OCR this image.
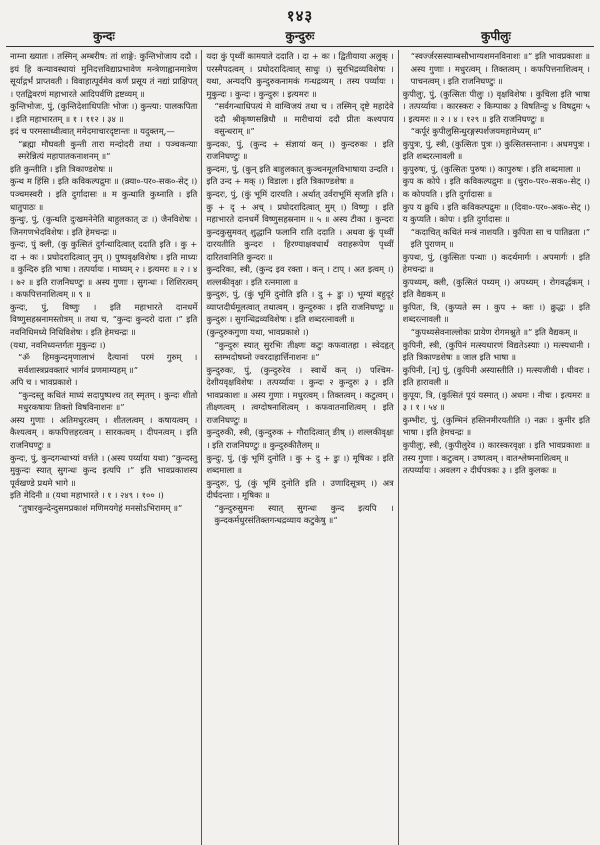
१४३
कुन्दः	कुन्दुरुः	कुपीलुः

नाम्ना ख्यातः । तस्मिन् अम्बरीष: तां शाङ्गे: कुन्तिभोजाय ददौ । इयं हि कन्यावस्थायां मुनिदत्तविद्याप्रभावेण मन्त्रेणाह्वानमात्रेण सूर्याद्गर्भं प्राप्तवती । विवाहात्पूर्वमेव कर्णं प्रसूय तं नद्यां प्राक्षिपत् । एतद्विवरणं महाभारते आदिपर्वणि द्रष्टव्यम् ॥

कुन्तिभोजः, पुं, (कुन्तिदेशाधिपतिः भोजः ।) कुन्त्या: पालकपिता । इति महाभारतम् ॥ १ । ११२ । ३४ ॥

इदं च परमसाध्वीत्वात् ममेदमाचारदृष्टान्तः ॥ यदुक्तम्,—

“ब्रह्मा मौघवती कुन्ती तारा मन्दोदरी तथा । पञ्चकन्याः स्मरेन्नित्यं महापातकनाशनम् ॥”

इति कुन्तीति । इति त्रिकाण्डशेषः ॥

कुन्थ म हिंसि । इति कविकल्पद्रुमः ॥ (क्र्या०-पर०-सक०-सेट् ।) पञ्चमस्वरी । इति दुर्गादासः ॥ म कुन्थाति कुथ्नाति । इति धातुपाठः ॥

कुन्थुः, पुं, (कुन्थति दुःखमनेनेति बाहुलकात् उः ।) जैनविशेषः । जिनगणभेदविशेषः । इति हेमचन्द्रः ॥

कुन्दः, पुं क्ली, (कु कुत्सितं दुर्गन्धादित्वात् ददाति इति । कु + दा + कः । प्रघोदरादित्वात् नुम् ।) पुष्पवृक्षविशेषः । इति माध्यः ॥ कुन्दिरु इति भाषा । तत्पर्यायः । माघ्यम् २ । इत्यमरः ॥ २ । ४ । ७२ ॥ इति राजनिघण्टुः ॥ अस्य गुणाः । सुगन्धः । शिशिरत्वम् । कफपित्तनाशित्वम् ॥ ९ ॥

कुन्दः, पुं, विष्णुः । इति महाभारते दानधर्मे विष्णुसहस्रनामस्तोत्रम् ॥ तथा च, “कुन्दः कुन्दरो दाता ।” इति नवनिधिमध्ये निधिविशेषः । इति हेमचन्द्रः ॥

(यथा, नवनिध्यन्तर्गतः मुकुन्दः ।)

“ॐ हिमकुन्दमृणालाभं दैत्यानां परमं गुरुम् । सर्वशास्त्रप्रवक्तारं भार्गवं प्रणमाम्यहम् ॥”

अपि च । भावप्रकाशे ।

“कुन्दस्तु कथितं माघ्यं सदापुष्पश्च तत् स्मृतम् । कुन्दः शीतो मधुरकषायः तिक्तो विषविनाशनः ॥”

अस्य गुणाः । अतिमधुरत्वम् । शीतलत्वम् । कषायत्वम् । कैश्यत्वम् । कफपित्तहरत्वम् । सारकत्वम् । दीपनत्वम् । इति राजनिघण्टुः ॥

कुन्दः, पुं, कुन्दगन्धाभ्यां वर्त्तते । (अस्य पर्य्याया यथा) “कुन्दस्तु मुकुन्दः स्यात् सुगन्धः कुन्द इत्यपि ।” इति भावप्रकाशस्य पूर्वखण्डे प्रथमे भागे ॥

इति मेदिनी ॥ (यथा महाभारते । १ । २४९ । १०० ।)

“तुषारकुन्देन्दुसमप्रकाशं मणिमयगेहं मनसोऽभिरामम् ॥”

यदा कुं पृथ्वीं कामयाते ददाति । दा + कः । द्वितीयाया अलुक् । परस्मैपदत्वम् । प्रघोदरादित्वात् साधुः ।) सुरभिद्रव्यविशेषः । यथा, अन्यदपि कुन्दुरुकनामकं गन्धद्रव्यम् । तस्य पर्य्यायः । मुकुन्दः । कुन्दः । कुन्दुरुः । इत्यमरः ॥

“सर्वगन्धाधिपत्यं मे वाग्विजयं तथा च । तस्मिन् दृष्टे महादेवे ददौ श्रीकृष्णसन्निधौ ॥ मारीचायां ददौ प्रीतः कश्यपाय वसुन्धराम् ॥”

कुन्दकः, पुं, (कुन्द + संज्ञायां कन् ।) कुन्दरुकः । इति राजनिघण्टुः ॥

कुन्दमः, पुं, (कुन् इति बाहुलकात् कुञ्चनमूलविभाषाया उन्दति । इति उन्द + मक् ।) विडालः । इति त्रिकाण्डशेषः ॥

कुन्दरः, पुं, (कुं भूमिं दारयति । अर्थात् उर्वराभूमिं सृजति इति । कु + दृ + अच् । प्रघोदरादित्वात् मुम् ।) विष्णुः । इति महाभारते दानधर्मे विष्णुसहस्रनाम ॥ ५ ॥ अस्य टीका । कुन्दरः कुन्दकुसुमवत् शुद्धानि फलानि राति ददाति । अथवा कुं पृथ्वीं दारयतीति कुन्दरः । हिरण्याक्षवधार्थं वराहरूपेण पृथ्वीं दारितवानिति कुन्दरः ॥

कुन्दरिका, स्त्री, (कुन्द इव रक्ता । कन् । टाप् । अत इत्वम् ।) शल्लकीवृक्षः । इति रत्नमाला ॥

कुन्दुरुः, पुं, (कुं भूमिं दुनोति इति । दु + डुः ।) भूम्यां बहुदूरं व्याप्तदीर्घमूलत्वात् तथात्वम् । कुन्दुरुकः । इति राजनिघण्टुः ॥ कुन्दुरुः । सुगन्धिद्रव्यविशेषः । इति शब्दरत्नावली ॥

(कुन्दुरुकगुणा यथा, भावप्रकाशे ।)

“कुन्दुरुः स्यात् सुरभिः तीक्ष्णः कटुः कफवातहा । स्वेदहृत् स्तम्भदोषघ्नो ज्वरदाहार्त्तिनाशनः ॥”

कुन्दुरुकः, पुं, (कुन्दुरुरेव । स्वार्थे कन् ।) पश्चिम-देशीयवृक्षविशेषः । तत्पर्य्यायः । कुन्दः २ कुन्दुरुः ३ । इति भावप्रकाशः ॥ अस्य गुणाः । मधुरत्वम् । तिक्तत्वम् । कटुत्वम् । तीक्ष्णत्वम् । त्वग्दोषनाशित्वम् । कफवातनाशित्वम् । इति राजनिघण्टुः ॥

कुन्दुरुकी, स्त्री, (कुन्दुरुक + गौरादित्वात् ङीष् ।) शल्लकीवृक्षः । इति राजनिघण्टुः ॥ कुन्दुरुकीतैलम् ॥

कुन्दुः, पुं, (कुं भूमिं दुनोति । कु + दु + डुः ।) मूषिकः । इति शब्दमाला ॥

कुन्दुरुः, पुं, (कुं भूमिं दुनोति इति । उणादिसूत्रम् ।) अत्र दीर्घदन्ताः । मूषिकः ॥

“कुन्दुरुसुमनः स्यात् सुगन्धः कुन्द इत्यपि । कुन्दकर्मधुरसंतिक्तगन्धद्रव्याय कटुकेषु ॥”

“स्वर्ज्जरसस्याम्बसौभाग्यशमनविनाशः ॥” इति भावप्रकाशः ॥ अस्य गुणाः । मधुरत्वम् । तिक्तत्वम् । कफपित्तनाशित्वम् । पाचनत्वम् । इति राजनिघण्टुः ॥

कुपीलुः, पुं, (कुत्सितः पीलुः ।) वृक्षविशेषः । कुचिला इति भाषा । तत्पर्य्यायः । कारस्करः २ किम्पाकः ३ विषतिन्दुः ४ विषद्रुमः ५ । इत्यमरः ॥ २ । ४ । १२९ ॥ इति राजनिघण्टुः ॥

“कर्पूरं कुपीलुसिन्धुरङ्गस्पर्शजयमहामेध्यम् ॥”

कुपुत्रः, पुं, स्त्री, (कुत्सितः पुत्रः ।) कुत्सितसन्तानः । अधमपुत्रः । इति शब्दरत्नावली ॥

कुपुरुषः, पुं, (कुत्सितः पुरुषः ।) कापुरुषः । इति शब्दमाला ॥

कुप क कोपे । इति कविकल्पद्रुमः ॥ (चुरा०-पर०-सक०-सेट् ।) क कोपयति । इति दुर्गादासः ॥

कुप य क्रुधि । इति कविकल्पद्रुमः ॥ (दिवा०-पर०-अक०-सेट् ।) य कुप्यति । कोपः । इति दुर्गादासः ॥

“कदाचित् कथितं मन्त्रं नाशयति । कुपिता सा च पातिव्रता ।” इति पुराणम् ॥

कुपथः, पुं, (कुत्सितः पन्थाः ।) कदर्थमार्गः । अपमार्गः । इति हेमचन्द्रः ॥

कुपथ्यम्, क्ली, (कुत्सितं पथ्यम् ।) अपथ्यम् । रोगवर्द्धकम् । इति वैद्यकम् ॥

कुपितः, त्रि, (कुप्यते स्म । कुप + क्तः ।) क्रुद्धः । इति शब्दरत्नावली ॥

“कुपथ्यसेवनाल्लोकः प्रायेण रोगमश्नुते ॥” इति वैद्यकम् ॥

कुपिनी, स्त्री, (कुपिनं मत्स्यधारणं विद्यतेऽस्याः ।) मत्स्यधानी । इति त्रिकाण्डशेषः ॥ जाल इति भाषा ॥

कुपिनी, [न्] पुं, (कुपिनी अस्यास्तीति ।) मत्स्यजीवी । धीवरः । इति हारावली ॥

कुपूयः, त्रि, (कुत्सितं पूयं यस्मात् ।) अधमः । नीचः । इत्यमरः ॥ ३ । १ । ५४ ॥

कुम्भीरः, पुं, (कुम्भिनं हस्तिनमीरयतीति ।) नक्रः । कुमीर इति भाषा । इति हेमचन्द्रः ॥

कुपीलुः, स्त्री, (कुपीलुरेव ।) कारस्करवृक्षः । इति भावप्रकाशः ॥ तस्य गुणाः । कटुत्वम् । उष्णत्वम् । वातश्लेष्मनाशित्वम् ॥

तत्पर्य्यायः । अवलग २ दीर्घपत्रकः ३ । इति कुलकः ॥
